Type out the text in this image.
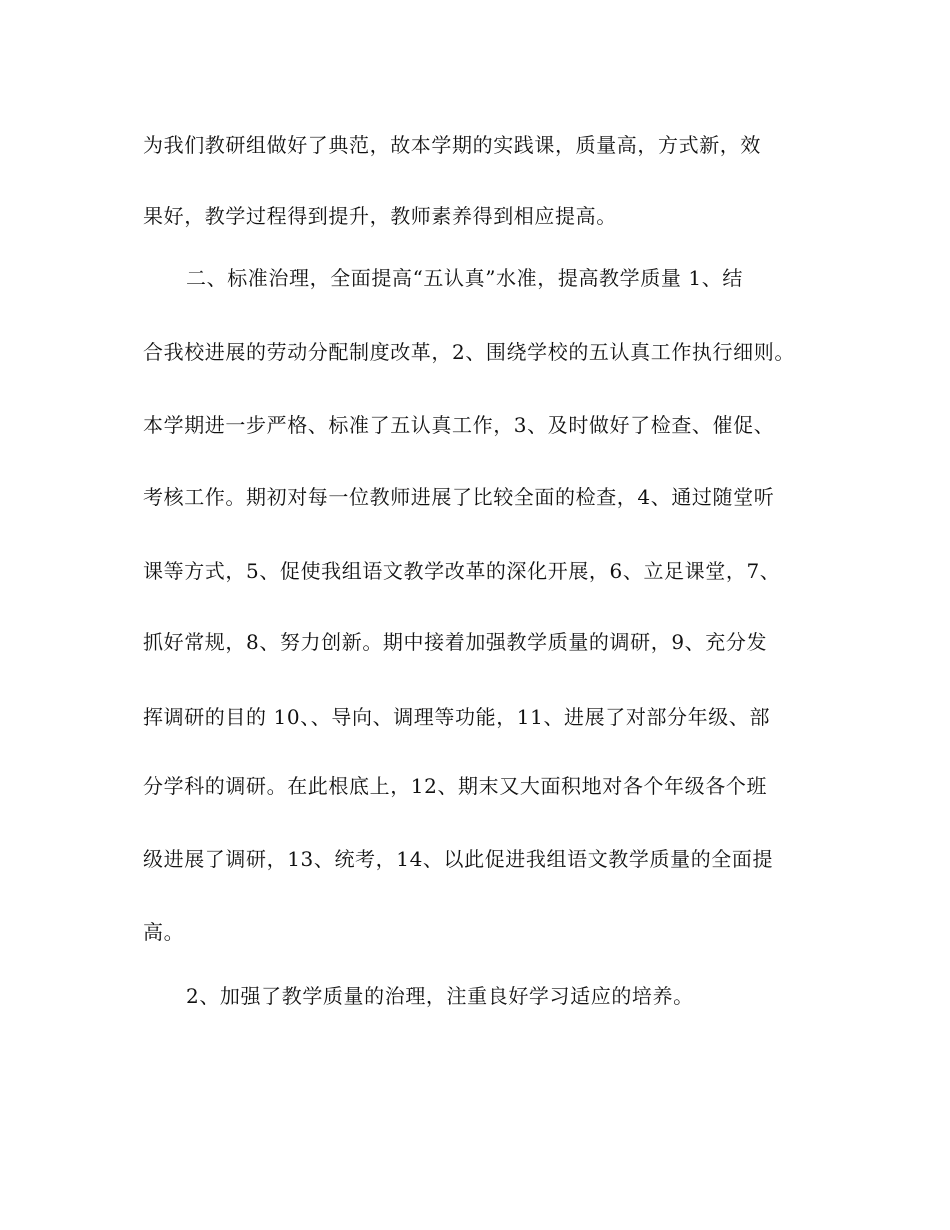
为我们教研组做好了典范，故本学期的实践课，质量高，方式新，效
果好，教学过程得到提升，教师素养得到相应提高。
二、标准治理，全面提高“五认真”水准，提高教学质量 1、结
合我校进展的劳动分配制度改革，2、围绕学校的五认真工作执行细则。
本学期进一步严格、标准了五认真工作，3、及时做好了检查、催促、
考核工作。期初对每一位教师进展了比较全面的检查，4、通过随堂听
课等方式，5、促使我组语文教学改革的深化开展，6、立足课堂，7、
抓好常规，8、努力创新。期中接着加强教学质量的调研，9、充分发
挥调研的目的 10、、导向、调理等功能，11、进展了对部分年级、部
分学科的调研。在此根底上，12、期末又大面积地对各个年级各个班
级进展了调研，13、统考，14、以此促进我组语文教学质量的全面提
高。
2、加强了教学质量的治理，注重良好学习适应的培养。
